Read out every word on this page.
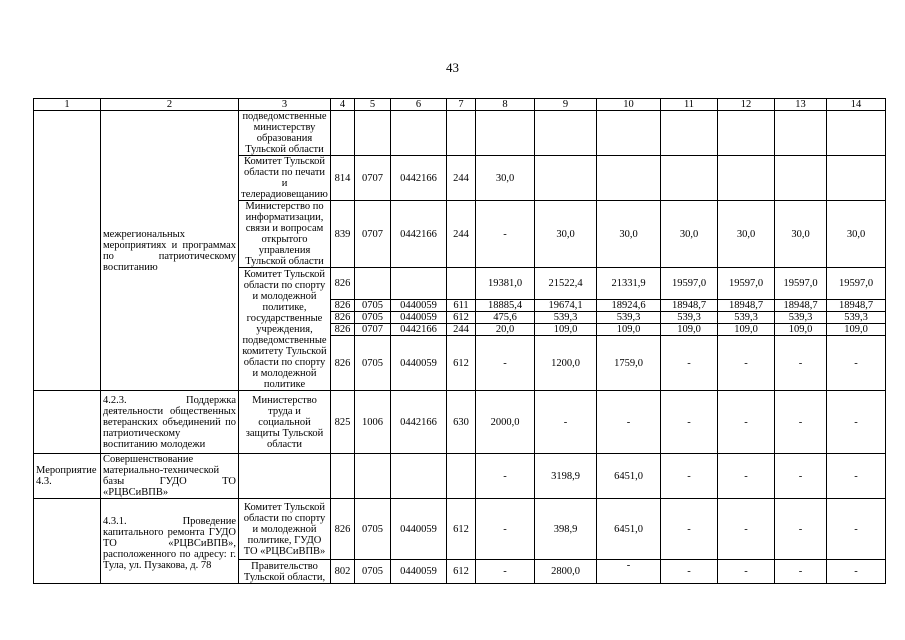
43
1	2	3	4	5	6	7	8	9	10	11	12	13	14
	межрегиональных мероприятиях и программах по патриотическому воспитанию	подведомственные министерству образования Тульской области											
		Комитет Тульской области по печати и телерадиовещанию	814	0707	0442166	244	30,0						
		Министерство по информатизации, связи и вопросам открытого управления Тульской области	839	0707	0442166	244	-	30,0	30,0	30,0	30,0	30,0	30,0
		Комитет Тульской области по спорту и молодежной политике, государственные учреждения, подведомственные комитету Тульской области по спорту и молодежной политике	826				19381,0	21522,4	21331,9	19597,0	19597,0	19597,0	19597,0
			826	0705	0440059	611	18885,4	19674,1	18924,6	18948,7	18948,7	18948,7	18948,7
			826	0705	0440059	612	475,6	539,3	539,3	539,3	539,3	539,3	539,3
			826	0707	0442166	244	20,0	109,0	109,0	109,0	109,0	109,0	109,0
			826	0705	0440059	612	-	1200,0	1759,0	-	-	-	-
	4.2.3. Поддержка деятельности общественных ветеранских объединений по патриотическому воспитанию молодежи	Министерство труда и социальной защиты Тульской области	825	1006	0442166	630	2000,0	-	-	-	-	-	-
Мероприятие 4.3.	Совершенствование материально-технической базы ГУДО ТО «РЦВСиВПВ»						-	3198,9	6451,0	-	-	-	-
	4.3.1. Проведение капитального ремонта ГУДО ТО «РЦВСиВПВ», расположенного по адресу: г. Тула, ул. Пузакова, д. 78	Комитет Тульской области по спорту и молодежной политике, ГУДО ТО «РЦВСиВПВ»	826	0705	0440059	612	-	398,9	6451,0	-	-	-	-
		Правительство Тульской области,	802	0705	0440059	612	-	2800,0	-	-	-	-	-
